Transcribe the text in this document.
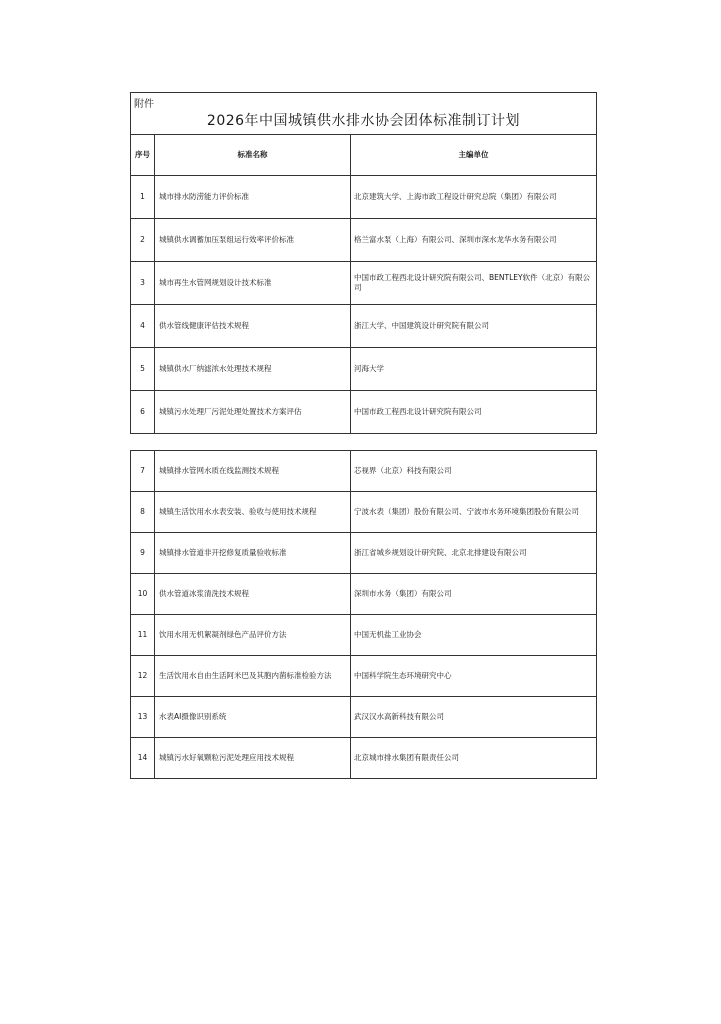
附件
2026年中国城镇供水排水协会团体标准制订计划
序号	标准名称	主编单位
1	城市排水防涝能力评价标准	北京建筑大学、上海市政工程设计研究总院（集团）有限公司
2	城镇供水调蓄加压泵组运行效率评价标准	格兰富水泵（上海）有限公司、深圳市深水龙华水务有限公司
3	城市再生水管网规划设计技术标准
中国市政工程西北设计研究院有限公司、BENTLEY软件（北京）有限公司
4	供水管线健康评估技术规程	浙江大学、中国建筑设计研究院有限公司
5	城镇供水厂纳滤浓水处理技术规程	河海大学
6	城镇污水处理厂污泥处理处置技术方案评估	中国市政工程西北设计研究院有限公司
7	城镇排水管网水质在线监测技术规程	芯视界（北京）科技有限公司
8	城镇生活饮用水水表安装、验收与使用技术规程	宁波水表（集团）股份有限公司、宁波市水务环境集团股份有限公司
9	城镇排水管道非开挖修复质量验收标准	浙江省城乡规划设计研究院、北京北排建设有限公司
10	供水管道冰浆清洗技术规程	深圳市水务（集团）有限公司
11	饮用水用无机絮凝剂绿色产品评价方法	中国无机盐工业协会
12	生活饮用水自由生活阿米巴及其胞内菌标准检验方法	中国科学院生态环境研究中心
13	水表AI摄像识别系统	武汉汉水高新科技有限公司
14	城镇污水好氧颗粒污泥处理应用技术规程	北京城市排水集团有限责任公司
